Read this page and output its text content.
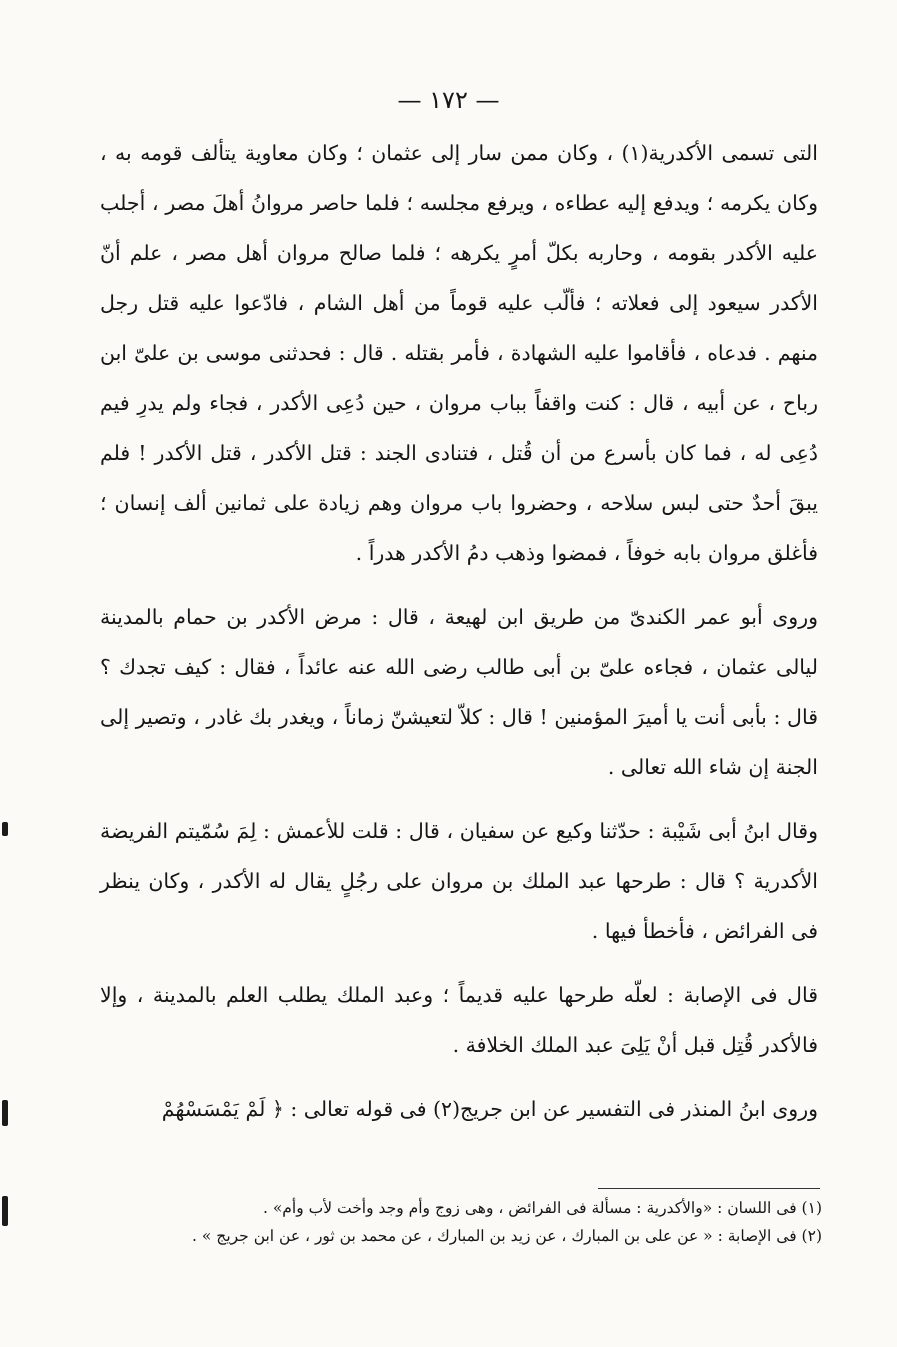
— ١٧٢ —

التى تسمى الأكدرية(١) ، وكان ممن سار إلى عثمان ؛ وكان معاوية يتألف قومه به ، وكان يكرمه ؛ ويدفع إليه عطاءه ، ويرفع مجلسه ؛ فلما حاصر مروانُ أهلَ مصر ، أجلب عليه الأكدر بقومه ، وحاربه بكلّ أمرٍ يكرهه ؛ فلما صالح مروان أهل مصر ، علم أنّ الأكدر سيعود إلى فعلاته ؛ فألّب عليه قوماً من أهل الشام ، فادّعوا عليه قتل رجل منهم . فدعاه ، فأقاموا عليه الشهادة ، فأمر بقتله . قال : فحدثنى موسى بن علىّ ابن رباح ، عن أبيه ، قال : كنت واقفاً بباب مروان ، حين دُعِى الأكدر ، فجاء ولم يدرِ فيم دُعِى له ، فما كان بأسرع من أن قُتل ، فتنادى الجند : قتل الأكدر ، قتل الأكدر ! فلم يبقَ أحدٌ حتى لبس سلاحه ، وحضروا باب مروان وهم زيادة على ثمانين ألف إنسان ؛ فأغلق مروان بابه خوفاً ، فمضوا وذهب دمُ الأكدر هدراً .

وروى أبو عمر الكندىّ من طريق ابن لهيعة ، قال : مرض الأكدر بن حمام بالمدينة ليالى عثمان ، فجاءه علىّ بن أبى طالب رضى الله عنه عائداً ، فقال : كيف تجدك ؟ قال : بأبى أنت يا أميرَ المؤمنين ! قال : كلاّ لتعيشنّ زماناً ، ويغدر بك غادر ، وتصير إلى الجنة إن شاء الله تعالى .

وقال ابنُ أبى شَيْبة : حدّثنا وكيع عن سفيان ، قال : قلت للأعمش : لِمَ سُمّيتم الفريضة الأكدرية ؟ قال : طرحها عبد الملك بن مروان على رجُلٍ يقال له الأكدر ، وكان ينظر فى الفرائض ، فأخطأ فيها .

قال فى الإصابة : لعلّه طرحها عليه قديماً ؛ وعبد الملك يطلب العلم بالمدينة ، وإلا فالأكدر قُتِل قبل أنْ يَلِىَ عبد الملك الخلافة .

وروى ابنُ المنذر فى التفسير عن ابن جريج(٢) فى قوله تعالى : ﴿ لَمْ يَمْسَسْهُمْ

(١) فى اللسان : «والأكدرية : مسألة فى الفرائض ، وهى زوج وأم وجد وأخت لأب وأم» .

(٢) فى الإصابة : « عن على بن المبارك ، عن زيد بن المبارك ، عن محمد بن ثور ، عن ابن جريج » .
